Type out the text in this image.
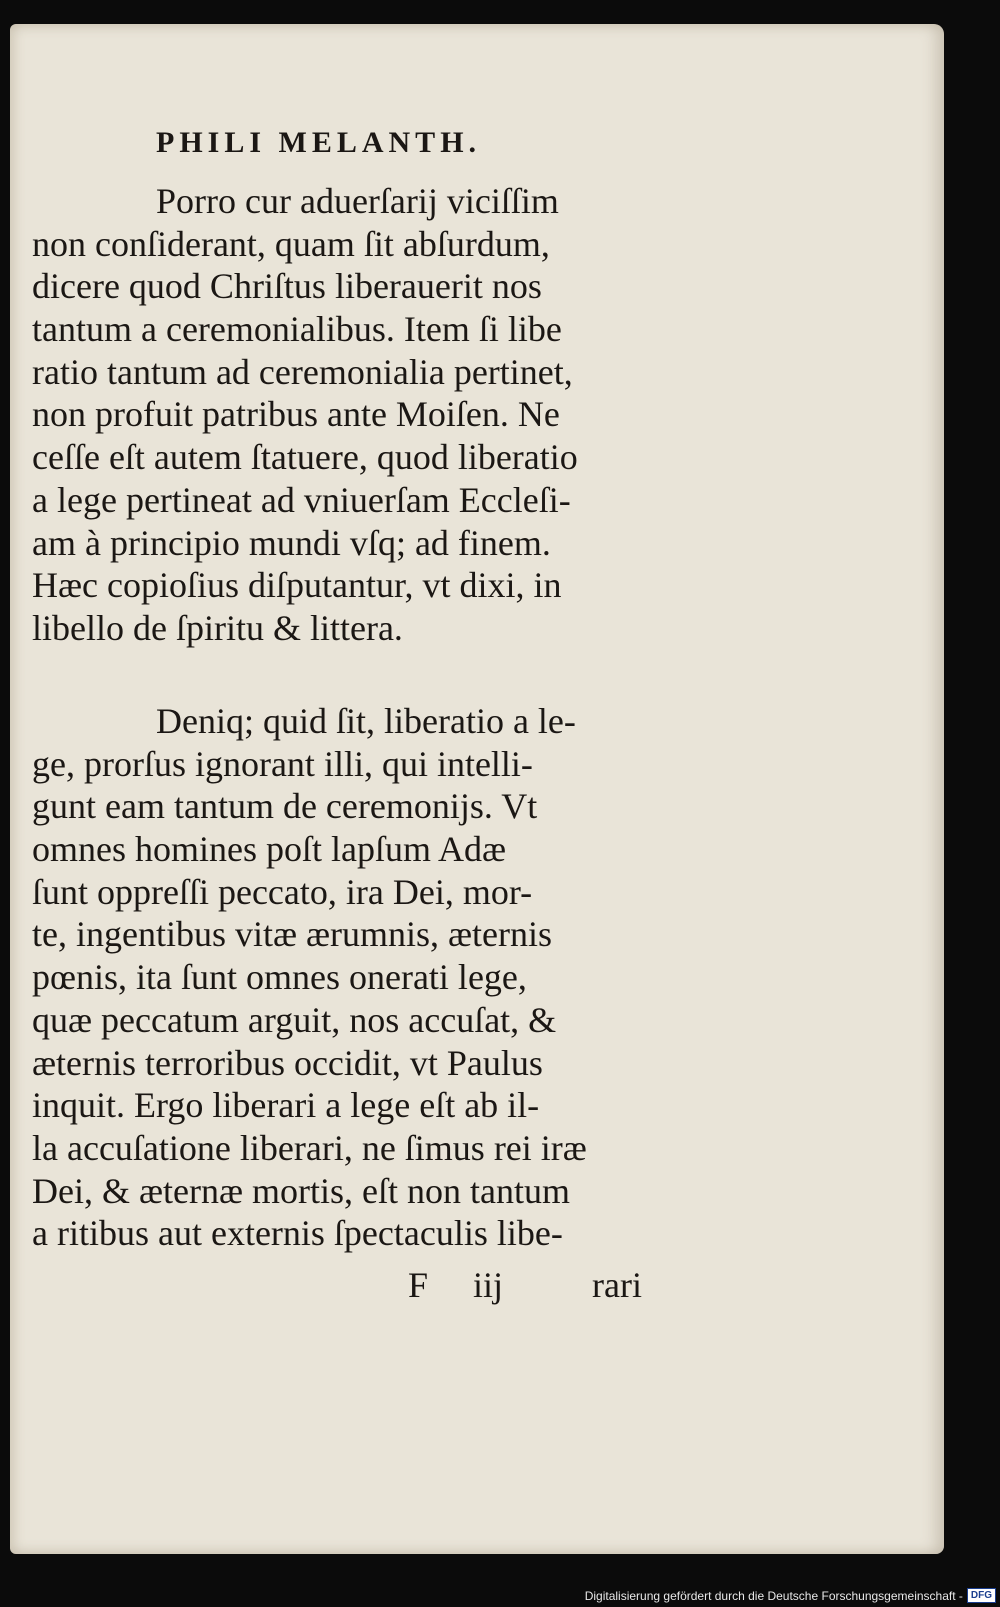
PHILI MELANTH.
Porro cur aduerſarij viciſſim
non conſiderant, quam ſit abſurdum,
dicere quod Chriſtus liberauerit nos
tantum a ceremonialibus. Item ſi libe
ratio tantum ad ceremonialia pertinet,
non profuit patribus ante Moiſen. Ne
ceſſe eſt autem ſtatuere, quod liberatio
a lege pertineat ad vniuerſam Eccleſi-
am à principio mundi vſq; ad finem.
Hæc copioſius diſputantur, vt dixi, in
libello de ſpiritu & littera.
Deniq; quid ſit, liberatio a le-
ge, prorſus ignorant illi, qui intelli-
gunt eam tantum de ceremonijs. Vt
omnes homines poſt lapſum Adæ
ſunt oppreſſi peccato, ira Dei, mor-
te, ingentibus vitæ ærumnis, æternis
pœnis, ita ſunt omnes onerati lege,
quæ peccatum arguit, nos accuſat, &
æternis terroribus occidit, vt Paulus
inquit. Ergo liberari a lege eſt ab il-
la accuſatione liberari, ne ſimus rei iræ
Dei, & æternæ mortis, eſt non tantum
a ritibus aut externis ſpectaculis libe-
F iij rari
Digitalisierung gefördert durch die Deutsche Forschungsgemeinschaft - DFG
